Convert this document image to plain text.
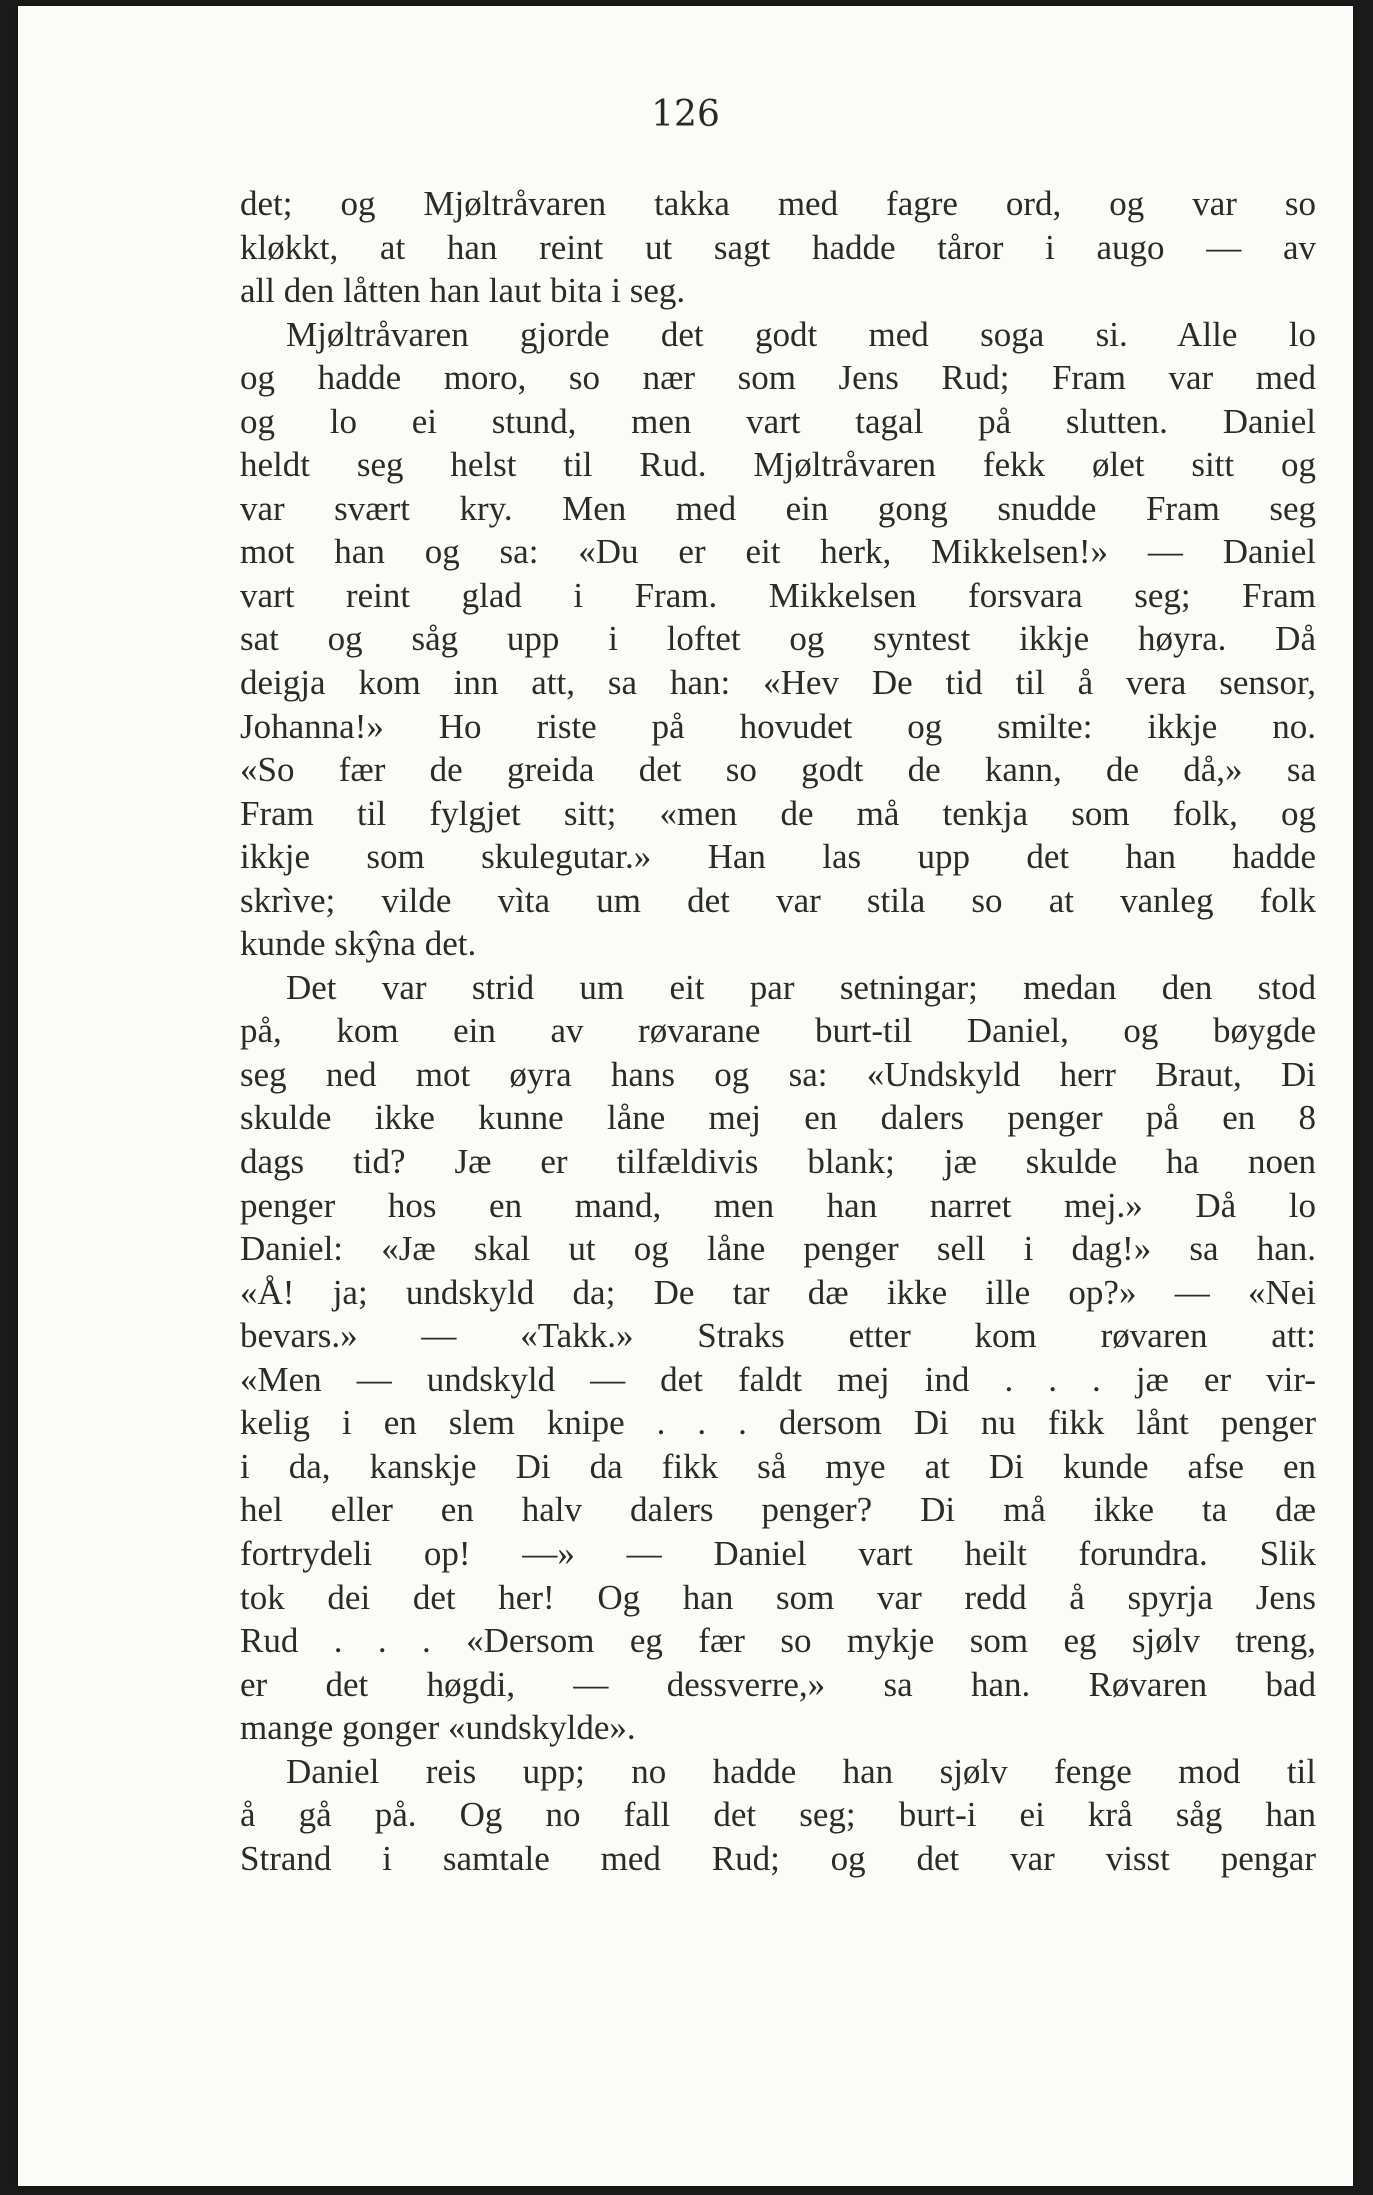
126
det; og Mjøltråvaren takka med fagre ord, og var so
kløkkt, at han reint ut sagt hadde tåror i augo — av
all den låtten han laut bita i seg.
Mjøltråvaren gjorde det godt med soga si. Alle lo
og hadde moro, so nær som Jens Rud; Fram var med
og lo ei stund, men vart tagal på slutten. Daniel
heldt seg helst til Rud. Mjøltråvaren fekk ølet sitt og
var svært kry. Men med ein gong snudde Fram seg
mot han og sa: «Du er eit herk, Mikkelsen!» — Daniel
vart reint glad i Fram. Mikkelsen forsvara seg; Fram
sat og såg upp i loftet og syntest ikkje høyra. Då
deigja kom inn att, sa han: «Hev De tid til å vera sensor,
Johanna!» Ho riste på hovudet og smilte: ikkje no.
«So fær de greida det so godt de kann, de då,» sa
Fram til fylgjet sitt; «men de må tenkja som folk, og
ikkje som skulegutar.» Han las upp det han hadde
skrìve; vilde vìta um det var stila so at vanleg folk
kunde skŷna det.
Det var strid um eit par setningar; medan den stod
på, kom ein av røvarane burt-til Daniel, og bøygde
seg ned mot øyra hans og sa: «Undskyld herr Braut, Di
skulde ikke kunne låne mej en dalers penger på en 8
dags tid? Jæ er tilfældivis blank; jæ skulde ha noen
penger hos en mand, men han narret mej.» Då lo
Daniel: «Jæ skal ut og låne penger sell i dag!» sa han.
«Å! ja; undskyld da; De tar dæ ikke ille op?» — «Nei
bevars.» — «Takk.» Straks etter kom røvaren att:
«Men — undskyld — det faldt mej ind . . . jæ er vir-
kelig i en slem knipe . . . dersom Di nu fikk lånt penger
i da, kanskje Di da fikk så mye at Di kunde afse en
hel eller en halv dalers penger? Di må ikke ta dæ
fortrydeli op! —» — Daniel vart heilt forundra. Slik
tok dei det her! Og han som var redd å spyrja Jens
Rud . . . «Dersom eg fær so mykje som eg sjølv treng,
er det høgdi, — dessverre,» sa han. Røvaren bad
mange gonger «undskylde».
Daniel reis upp; no hadde han sjølv fenge mod til
å gå på. Og no fall det seg; burt-i ei krå såg han
Strand i samtale med Rud; og det var visst pengar
